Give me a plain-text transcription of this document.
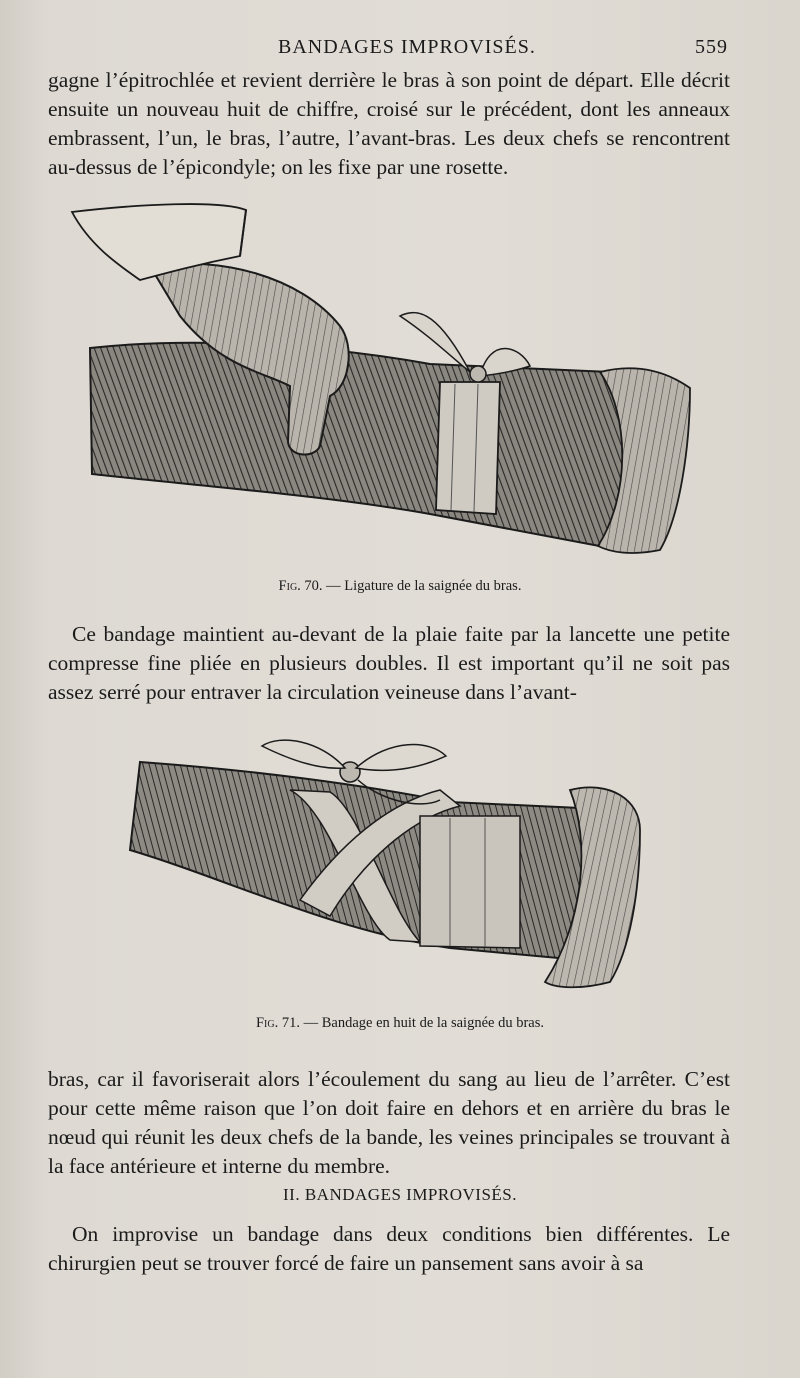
BANDAGES IMPROVISÉS.	559

gagne l’épitrochlée et revient derrière le bras à son point de départ. Elle décrit ensuite un nouveau huit de chiffre, croisé sur le précédent, dont les anneaux embrassent, l’un, le bras, l’autre, l’avant-bras. Les deux chefs se rencontrent au-dessus de l’épicondyle; on les fixe par une rosette.

Fig. 70. — Ligature de la saignée du bras.

Ce bandage maintient au-devant de la plaie faite par la lancette une petite compresse fine pliée en plusieurs doubles. Il est important qu’il ne soit pas assez serré pour entraver la circulation veineuse dans l’avant-

Fig. 71. — Bandage en huit de la saignée du bras.

bras, car il favoriserait alors l’écoulement du sang au lieu de l’arrêter. C’est pour cette même raison que l’on doit faire en dehors et en arrière du bras le nœud qui réunit les deux chefs de la bande, les veines principales se trouvant à la face antérieure et interne du membre.

II. BANDAGES IMPROVISÉS.

On improvise un bandage dans deux conditions bien différentes. Le chirurgien peut se trouver forcé de faire un pansement sans avoir à sa
